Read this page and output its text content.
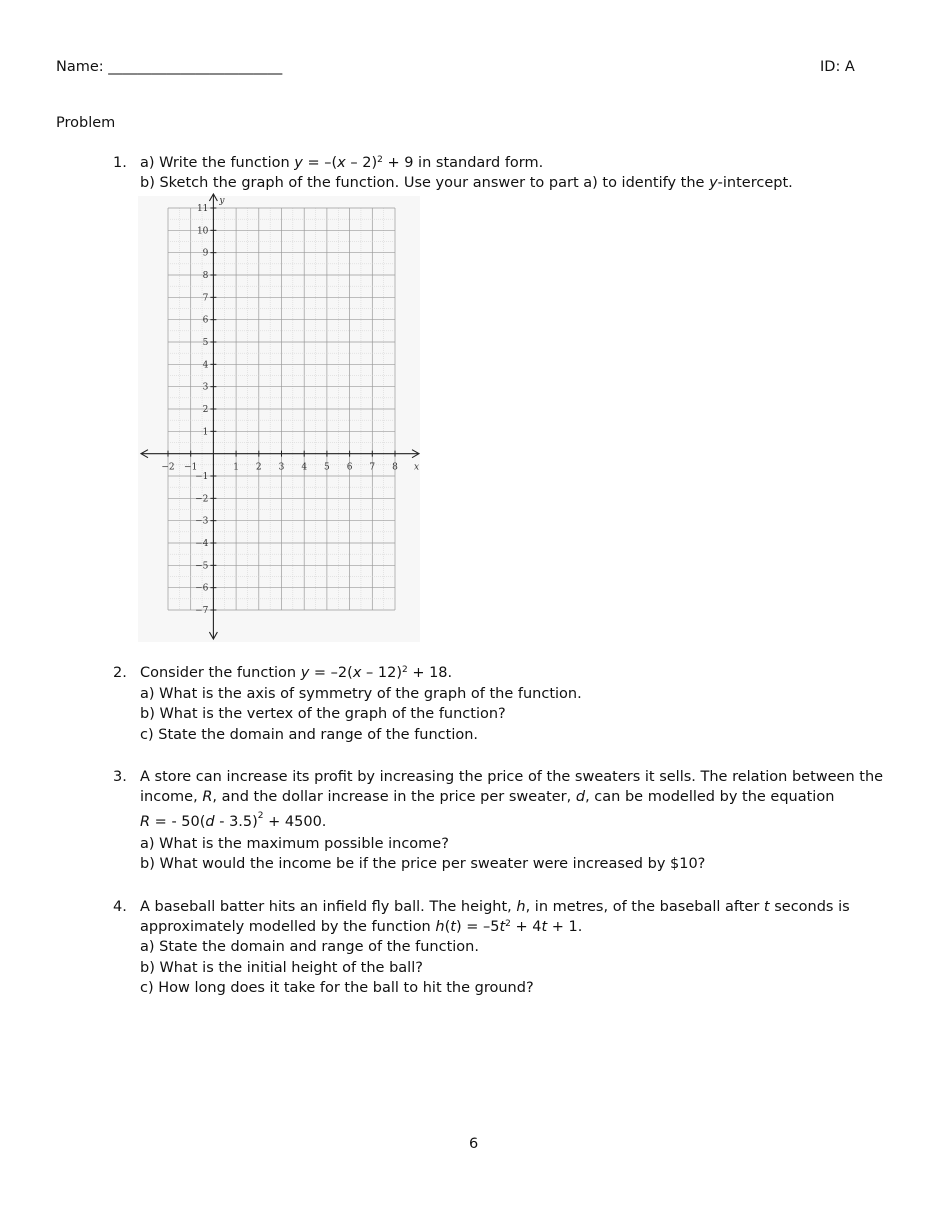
Name: ________________________	ID: A
Problem
1. a) Write the function y = –(x – 2)$^2$ + 9 in standard form.
b) Sketch the graph of the function. Use your answer to part a) to identify the y-intercept.
−2 −1	1 2 3 4 5 6 7 8
11
10
9
8
7
6
5
4
3
2
1
−1
−2
−3
−4
−5
−6
−7
x
y
2. Consider the function y = –2(x – 12)$^2$ + 18.
a) What is the axis of symmetry of the graph of the function.
b) What is the vertex of the graph of the function?
c) State the domain and range of the function.
3. A store can increase its profit by increasing the price of the sweaters it sells. The relation between the
income, R, and the dollar increase in the price per sweater, d, can be modelled by the equation
R = - 50(d - 3.5)$^2$ + 4500.
a) What is the maximum possible income?
b) What would the income be if the price per sweater were increased by $10?
4. A baseball batter hits an infield fly ball. The height, h, in metres, of the baseball after t seconds is
approximately modelled by the function $h(t) = -5t^2 + 4t + 1$.
a) State the domain and range of the function.
b) What is the initial height of the ball?
c) How long does it take for the ball to hit the ground?
6
